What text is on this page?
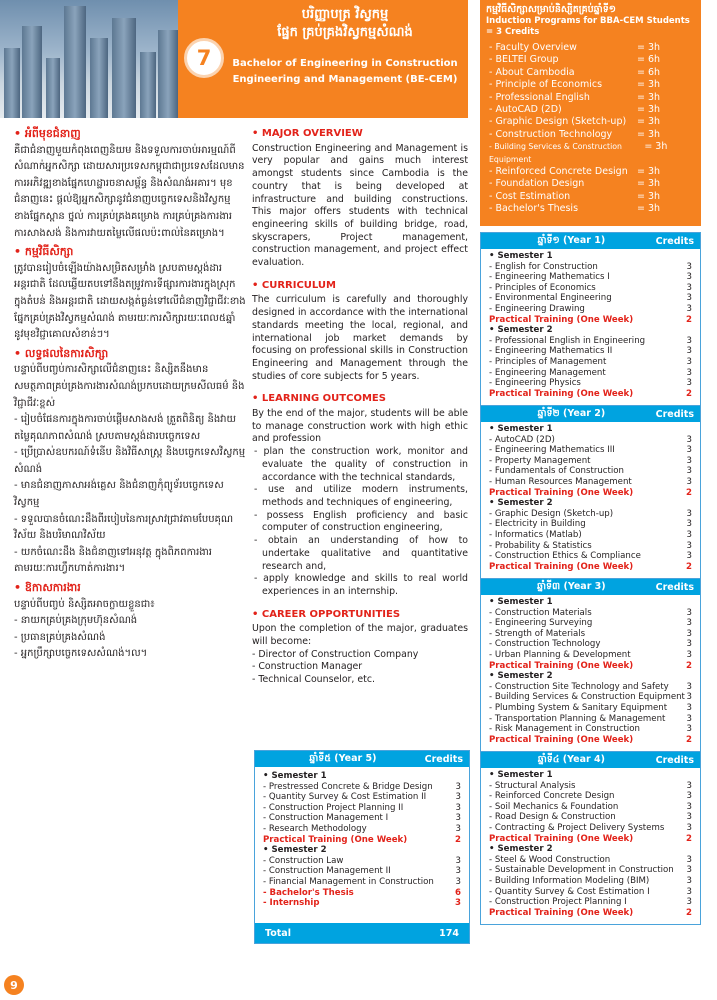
7
បរិញ្ញាបត្រ វិស្វកម្ម
ផ្នែក គ្រប់គ្រងវិស្វកម្មសំណង់
Bachelor of Engineering in Construction Engineering and Management (BE-CEM)
• អំពីមុខជំនាញ

គឺជាជំនាញមួយកំពុងពេញនិយម និងទទួលការចាប់អារម្មណ៍ពីសំណាក់អ្នកសិក្សា ដោយសារប្រទេសកម្ពុជាជាប្រទេសដែលមានការអភិវឌ្ឍខាងផ្នែកហេដ្ឋារចនាសម្ព័ន្ធ និងសំណង់អគារ។ មុខជំនាញនេះ ផ្តល់ឱ្យអ្នកសិក្សានូវជំនាញបច្ចេកទេសនិងវិស្វកម្មខាងផ្នែកស្ពាន ថ្នល់ ការគ្រប់គ្រងគម្រោង ការគ្រប់គ្រងការងារ ការសាងសង់ និងការវាយតម្លៃលើផលប៉ះពាល់នៃគម្រោង។

• កម្មវិធីសិក្សា

ត្រូវបានរៀបចំឡើងយ៉ាងសម្រិតសម្រាំង ស្របតាមស្តង់ដារអន្តរជាតិ ដែលឆ្លើយតបទៅនឹងតម្រូវការទីផ្សារការងារក្នុងស្រុក ក្នុងតំបន់ និងអន្តរជាតិ ដោយសង្កត់ធ្ងន់ទៅលើជំនាញវិជ្ជាជីវៈខាងផ្នែកគ្រប់គ្រងវិស្វកម្មសំណង់ តាមរយៈការសិក្សារយៈពេល៥ឆ្នាំ នូវមុខវិជ្ជាគោលសំខាន់ៗ។

• លទ្ធផលនៃការសិក្សា

បន្ទាប់ពីបញ្ចប់ការសិក្សាលើជំនាញនេះ និស្សិតនឹងមានសមត្ថភាពគ្រប់គ្រងការងារសំណង់ប្រកបដោយក្រមសីលធម៌ និងវិជ្ជាជីវៈខ្ពស់

- រៀបចំផែនការក្នុងការចាប់ផ្តើមសាងសង់ ត្រួតពិនិត្យ និងវាយតម្លៃគុណភាពសំណង់ ស្របតាមស្តង់ដារបច្ចេកទេស

- ប្រើប្រាស់ឧបករណ៍ទំនើប និងវិធីសាស្ត្រ និងបច្ចេកទេសវិស្វកម្មសំណង់

- មានជំនាញភាសាអង់គ្លេស និងជំនាញកុំព្យូទ័របច្ចេកទេសវិស្វកម្ម

- ទទួលបានចំណេះដឹងពីរបៀបនៃការស្រាវជ្រាវតាមបែបគុណវិស័យ និងបរិមាណវិស័យ

- យកចំណេះដឹង និងជំនាញទៅអនុវត្ត ក្នុងពិភពការងារ តាមរយៈការហ្វឹកហាត់ការងារ។

• ឱកាសការងារ

បន្ទាប់ពីបញ្ចប់ និស្សិតអាចក្លាយខ្លួនជា៖

- នាយកគ្រប់គ្រងក្រុមហ៊ុនសំណង់

- ប្រធានគ្រប់គ្រងសំណង់

- អ្នកប្រឹក្សាបច្ចេកទេសសំណង់។ល។

• MAJOR OVERVIEW

Construction Engineering and Management is very popular and gains much interest amongst students since Cambodia is the country that is being developed at infrastructure and building constructions. This major offers students with technical engineering skills of building bridge, road, skyscrapers, Project management, construction management, and project effect evaluation.

• CURRICULUM

The curriculum is carefully and thoroughly designed in accordance with the international standards meeting the local, regional, and international job market demands by focusing on professional skills in Construction Engineering and Management through the studies of core subjects for 5 years.

• LEARNING OUTCOMES

By the end of the major, students will be able to manage construction work with high ethic and profession

- plan the construction work, monitor and evaluate the quality of construction in accordance with the technical standards,

- use and utilize modern instruments, methods and techniques of engineering,

- possess English proficiency and basic computer of construction engineering,

- obtain an understanding of how to undertake qualitative and quantitative research and,

- apply knowledge and skills to real world experiences in an internship.

• CAREER OPPORTUNITIES

Upon the completion of the major, graduates will become:

- Director of Construction Company

- Construction Manager

- Technical Counselor, etc.

ឆ្នាំទី៥ (Year 5)	Credits
• Semester 1
- Prestressed Concrete & Bridge Design	3
- Quantity Survey & Cost Estimation II	3
- Construction Project Planning II	3
- Construction Management I	3
- Research Methodology	3
Practical Training (One Week)	2
• Semester 2
- Construction Law	3
- Construction Management II	3
- Financial Management in Construction	3
- Bachelor's Thesis	6
- Internship	3
Total	174
កម្មវិធីសិក្សាសម្រាប់និស្សិតគ្រប់ឆ្នាំទី១
Induction Programs for BBA-CEM Students = 3 Credits
- Faculty Overview	= 3h
- BELTEI Group	= 6h
- About Cambodia	= 6h
- Principle of Economics	= 3h
- Professional English	= 3h
- AutoCAD (2D)	= 3h
- Graphic Design (Sketch-up) = 3h
- Construction Technology	= 3h
- Building Services & Construction Equipment
= 3h
- Reinforced Concrete Design = 3h
- Foundation Design	= 3h
- Cost Estimation	= 3h
- Bachelor's Thesis	= 3h
ឆ្នាំទី១ (Year 1)	Credits
• Semester 1
- English for Construction	3
- Engineering Mathematics I	3
- Principles of Economics	3
- Environmental Engineering	3
- Engineering Drawing	3
Practical Training (One Week)	2
• Semester 2
- Professional English in Engineering	3
- Engineering Mathematics II	3
- Principles of Management	3
- Engineering Management	3
- Engineering Physics	3
Practical Training (One Week)	2
ឆ្នាំទី២ (Year 2)	Credits
• Semester 1
- AutoCAD (2D)	3
- Engineering Mathematics III	3
- Property Management	3
- Fundamentals of Construction	3
- Human Resources Management	3
Practical Training (One Week)	2
• Semester 2
- Graphic Design (Sketch-up)	3
- Electricity in Building	3
- Informatics (Matlab)	3
- Probability & Statistics	3
- Construction Ethics & Compliance	3
Practical Training (One Week)	2
ឆ្នាំទី៣ (Year 3)	Credits
• Semester 1
- Construction Materials	3
- Engineering Surveying	3
- Strength of Materials	3
- Construction Technology	3
- Urban Planning & Development	3
Practical Training (One Week)	2
• Semester 2
- Construction Site Technology and Safety 3
- Building Services & Construction Equipment 3
- Plumbing System & Sanitary Equipment 3
- Transportation Planning & Management 3
- Risk Management in Construction	3
Practical Training (One Week)	2
ឆ្នាំទី៤ (Year 4)	Credits
• Semester 1
- Structural Analysis	3
- Reinforced Concrete Design	3
- Soil Mechanics & Foundation	3
- Road Design & Construction	3
- Contracting & Project Delivery Systems	3
Practical Training (One Week)	2
• Semester 2
- Steel & Wood Construction	3
- Sustainable Development in Construction 3
- Building Information Modeling (BIM)	3
- Quantity Survey & Cost Estimation I	3
- Construction Project Planning I	3
Practical Training (One Week)	2
9
